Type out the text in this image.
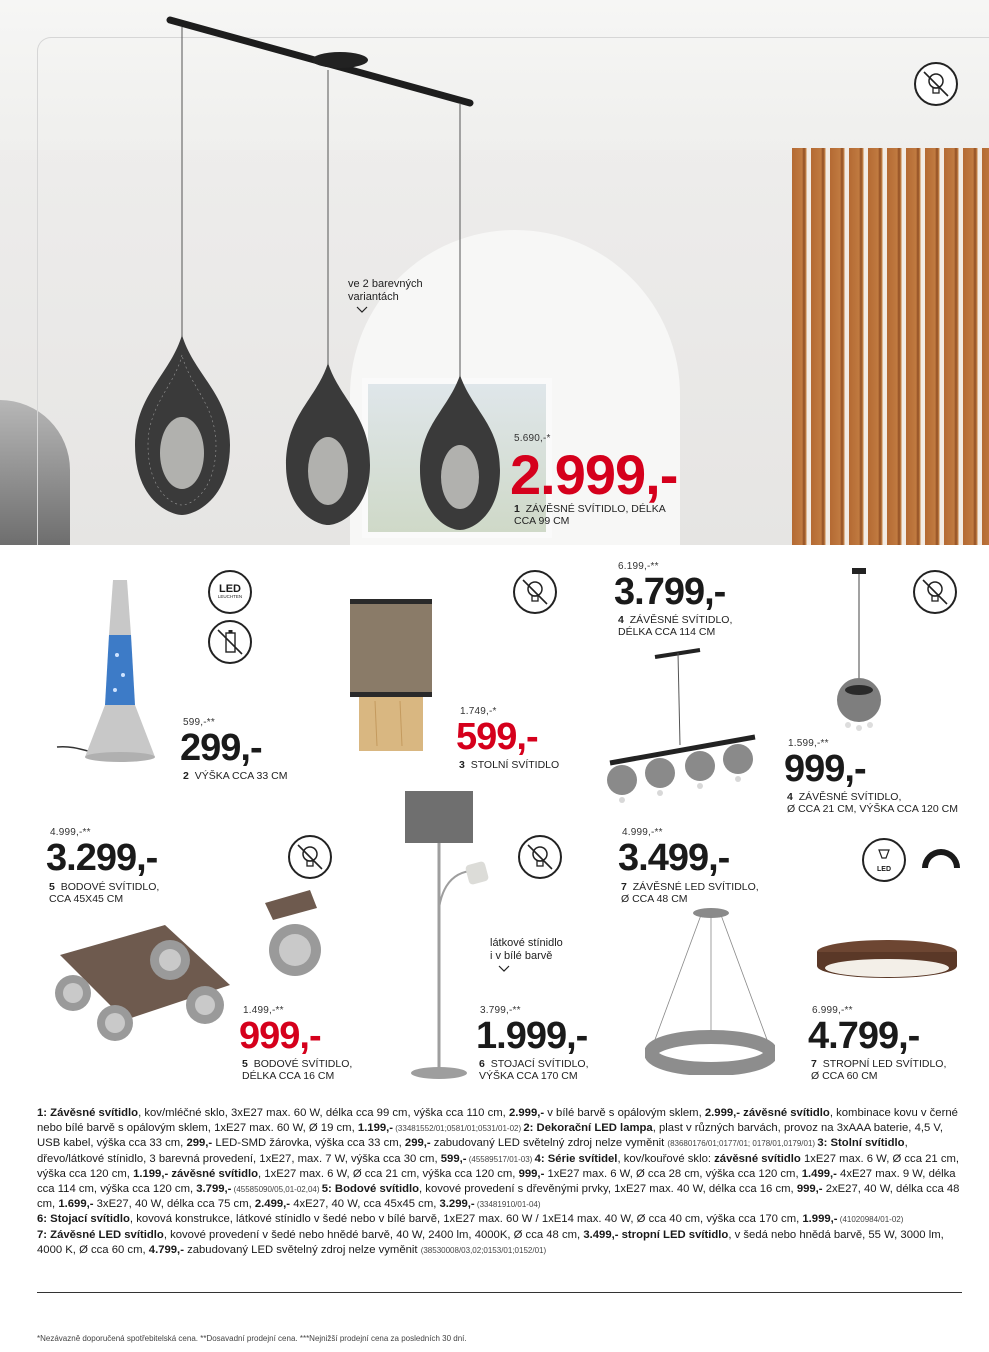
ve 2 barevných
variantách
5.690,-*
2.999,-
1 ZÁVĚSNÉ SVÍTIDLO, DÉLKA
CCA 99 CM
LED
LEUCHTEN
599,-**
299,-
2 VÝŠKA CCA 33 CM
1.749,-*
599,-
3 STOLNÍ SVÍTIDLO
6.199,-**
3.799,-
4 ZÁVĚSNÉ SVÍTIDLO,
DÉLKA CCA 114 CM
1.599,-**
999,-
4 ZÁVĚSNÉ SVÍTIDLO,
Ø CCA 21 CM, VÝŠKA CCA 120 CM
4.999,-**
3.299,-
5 BODOVÉ SVÍTIDLO,
CCA 45X45 CM
1.499,-**
999,-
5 BODOVÉ SVÍTIDLO,
DÉLKA CCA 16 CM
látkové stínidlo
i v bílé barvě
3.799,-**
1.999,-
6 STOJACÍ SVÍTIDLO,
VÝŠKA CCA 170 CM
4.999,-**
3.499,-
7 ZÁVĚSNÉ LED SVÍTIDLO,
Ø CCA 48 CM
LED
6.999,-**
4.799,-
7 STROPNÍ LED SVÍTIDLO,
Ø CCA 60 CM
1: Závěsné svítidlo, kov/mléčné sklo, 3xE27 max. 60 W, délka cca 99 cm, výška cca 110 cm, 2.999,- v bílé barvě s opálovým sklem, 2.999,- závěsné svítidlo, kombinace kovu v černé nebo bílé barvě s opálovým sklem, 1xE27 max. 60 W, Ø 19 cm, 1.199,- (33481552/01;0581/01;0531/01-02) 2: Dekorační LED lampa, plast v různých barvách, provoz na 3xAAA baterie, 4,5 V, USB kabel, výška cca 33 cm, 299,- LED-SMD žárovka, výška cca 33 cm, 299,- zabudovaný LED světelný zdroj nelze vyměnit (83680176/01;0177/01; 0178/01,0179/01) 3: Stolní svítidlo, dřevo/látkové stínidlo, 3 barevná provedení, 1xE27, max. 7 W, výška cca 30 cm, 599,- (45589517/01-03) 4: Série svítidel, kov/kouřové sklo: závěsné svítidlo 1xE27 max. 6 W, Ø cca 21 cm, výška cca 120 cm, 1.199,- závěsné svítidlo, 1xE27 max. 6 W, Ø cca 21 cm, výška cca 120 cm, 999,- 1xE27 max. 6 W, Ø cca 28 cm, výška cca 120 cm, 1.499,- 4xE27 max. 9 W, délka cca 114 cm, výška cca 120 cm, 3.799,- (45585090/05,01-02,04) 5: Bodové svítidlo, kovové provedení s dřevěnými prvky, 1xE27 max. 40 W, délka cca 16 cm, 999,- 2xE27, 40 W, délka cca 48 cm, 1.699,- 3xE27, 40 W, délka cca 75 cm, 2.499,- 4xE27, 40 W, cca 45x45 cm, 3.299,- (33481910/01-04)
6: Stojací svítidlo, kovová konstrukce, látkové stínidlo v šedé nebo v bílé barvě, 1xE27 max. 60 W / 1xE14 max. 40 W, Ø cca 40 cm, výška cca 170 cm, 1.999,- (41020984/01-02)
7: Závěsné LED svítidlo, kovové provedení v šedé nebo hnědé barvě, 40 W, 2400 lm, 4000K, Ø cca 48 cm, 3.499,- stropní LED svítidlo, v šedá nebo hnědá barvě, 55 W, 3000 lm, 4000 K, Ø cca 60 cm, 4.799,- zabudovaný LED světelný zdroj nelze vyměnit (38530008/03,02;0153/01;0152/01)
*Nezávazně doporučená spotřebitelská cena. **Dosavadní prodejní cena. ***Nejnižší prodejní cena za posledních 30 dní.
